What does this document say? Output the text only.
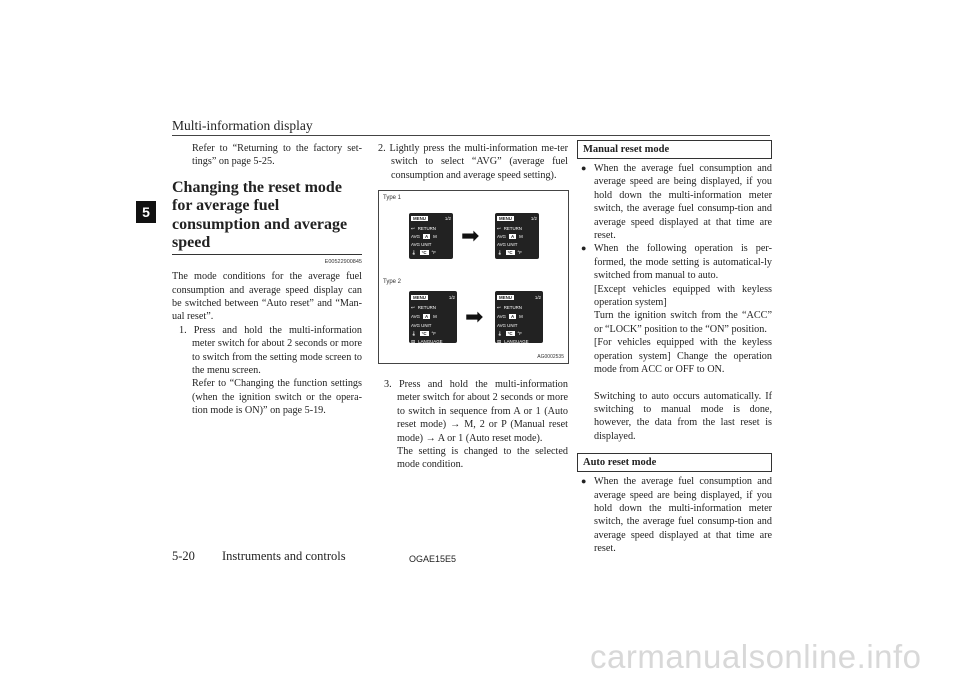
Multi-information display
5

Refer to “Returning to the factory set-tings” on page 5-25.

Changing the reset mode for average fuel consumption and average speed

E00522900845

The mode conditions for the average fuel consumption and average speed display can be switched between “Auto reset” and “Man-ual reset”.

1. Press and hold the multi-information meter switch for about 2 seconds or more to switch from the setting mode screen to the menu screen.

Refer to “Changing the function settings (when the ignition switch or the opera-tion mode is ON)” on page 5-19.

2. Lightly press the multi-information me-ter switch to select “AVG” (average fuel consumption and average speed setting).

Type 1
Type 2
MENU	1/2
↩ RETURN
AVG	A	M
AVG UNIT
🌡	°C	°F
➡
MENU	1/2
↩ RETURN
AVG	A	M
AVG UNIT
🌡	°C	°F
MENU	1/2
↩ RETURN
AVG	A	M
AVG UNIT
🌡	°C	°F
▤ LANGUAGE
➡
MENU	1/2
↩ RETURN
AVG	A	M
AVG UNIT
🌡	°C	°F
▤ LANGUAGE
AG0002535

3. Press and hold the multi-information meter switch for about 2 seconds or more to switch in sequence from A or 1 (Auto reset mode) → M, 2 or P (Manual reset mode) → A or 1 (Auto reset mode).

The setting is changed to the selected mode condition.

Manual reset mode

● When the average fuel consumption and average speed are being displayed, if you hold down the multi-information meter switch, the average fuel consump-tion and average speed displayed at that time are reset.

● When the following operation is per-formed, the mode setting is automatical-ly switched from manual to auto.

[Except vehicles equipped with keyless operation system]

Turn the ignition switch from the “ACC” or “LOCK” position to the “ON” position.

[For vehicles equipped with the keyless operation system] Change the operation mode from ACC or OFF to ON.

Switching to auto occurs automatically. If switching to manual mode is done, however, the data from the last reset is displayed.

Auto reset mode

● When the average fuel consumption and average speed are being displayed, if you hold down the multi-information meter switch, the average fuel consump-tion and average speed displayed at that time are reset.

5-20 Instruments and controls	OGAE15E5
carmanualsonline.info
